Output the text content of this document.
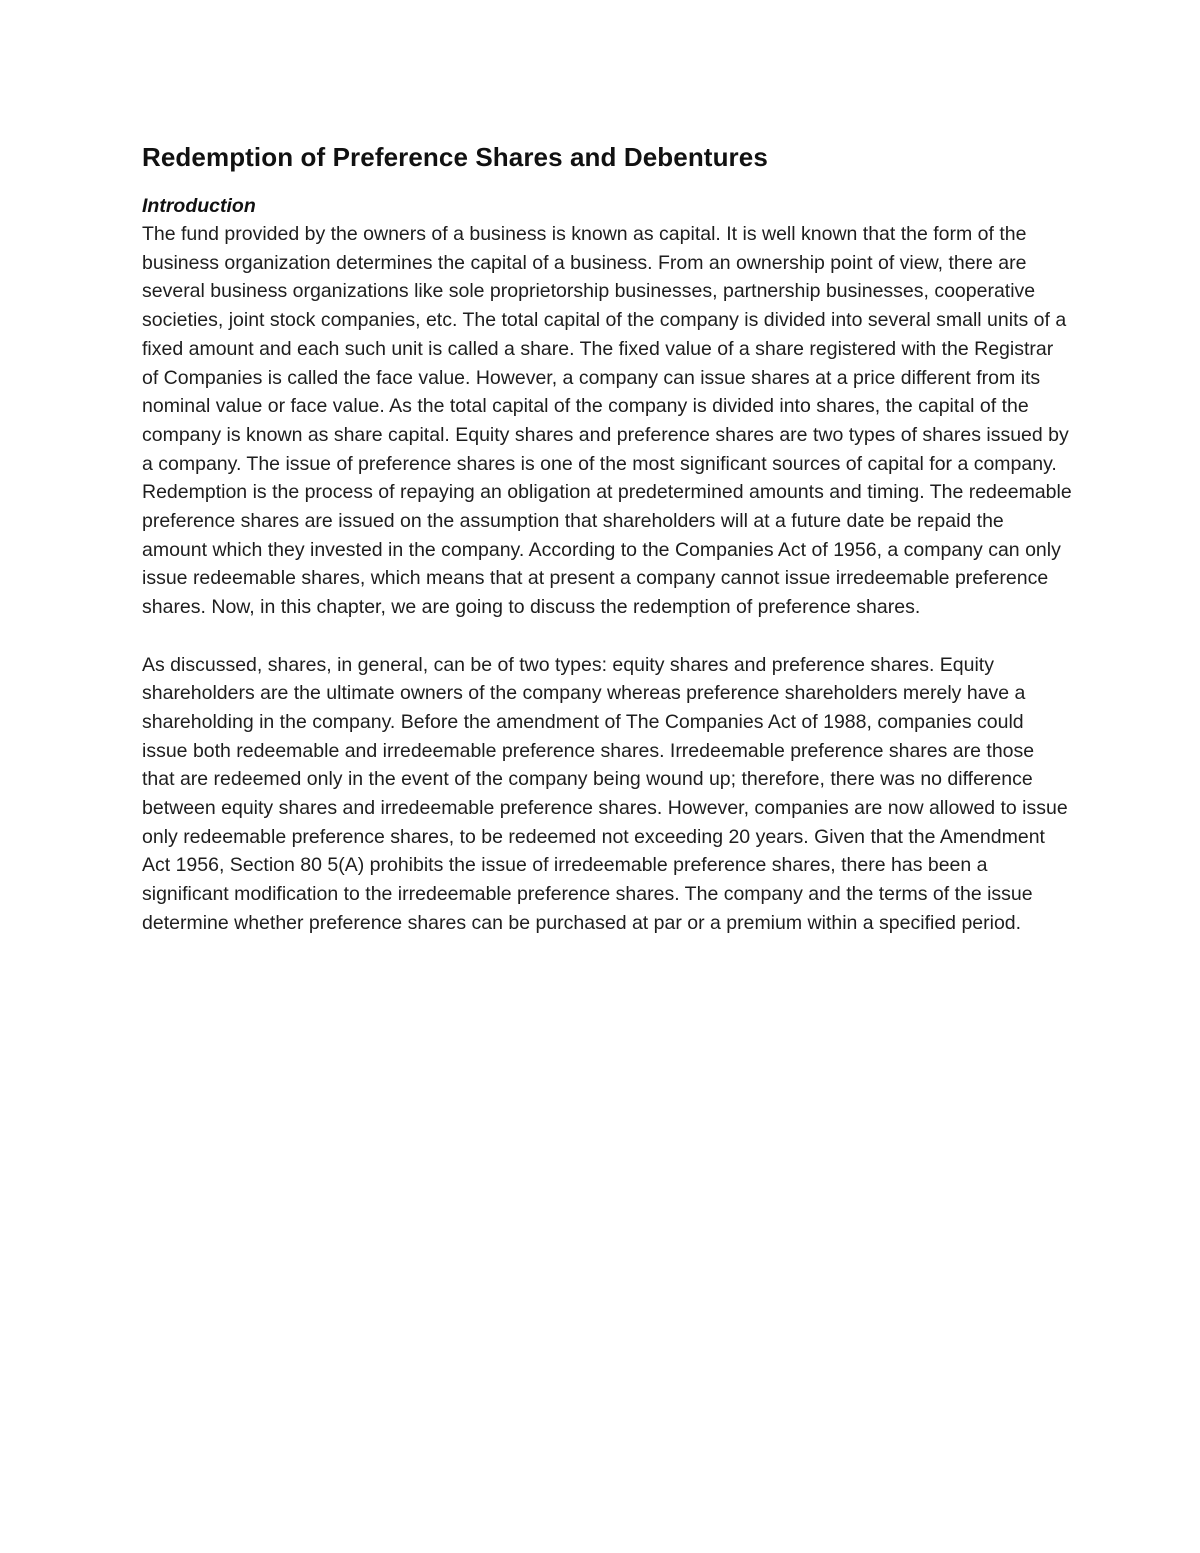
Redemption of Preference Shares and Debentures
Introduction

The fund provided by the owners of a business is known as capital. It is well known that the form of the business organization determines the capital of a business. From an ownership point of view, there are several business organizations like sole proprietorship businesses, partnership businesses, cooperative societies, joint stock companies, etc. The total capital of the company is divided into several small units of a fixed amount and each such unit is called a share. The fixed value of a share registered with the Registrar of Companies is called the face value. However, a company can issue shares at a price different from its nominal value or face value. As the total capital of the company is divided into shares, the capital of the company is known as share capital. Equity shares and preference shares are two types of shares issued by a company. The issue of preference shares is one of the most significant sources of capital for a company. Redemption is the process of repaying an obligation at predetermined amounts and timing. The redeemable preference shares are issued on the assumption that shareholders will at a future date be repaid the amount which they invested in the company. According to the Companies Act of 1956, a company can only issue redeemable shares, which means that at present a company cannot issue irredeemable preference shares. Now, in this chapter, we are going to discuss the redemption of preference shares.

As discussed, shares, in general, can be of two types: equity shares and preference shares. Equity shareholders are the ultimate owners of the company whereas preference shareholders merely have a shareholding in the company. Before the amendment of The Companies Act of 1988, companies could issue both redeemable and irredeemable preference shares. Irredeemable preference shares are those that are redeemed only in the event of the company being wound up; therefore, there was no difference between equity shares and irredeemable preference shares. However, companies are now allowed to issue only redeemable preference shares, to be redeemed not exceeding 20 years. Given that the Amendment Act 1956, Section 80 5(A) prohibits the issue of irredeemable preference shares, there has been a significant modification to the irredeemable preference shares. The company and the terms of the issue determine whether preference shares can be purchased at par or a premium within a specified period.
